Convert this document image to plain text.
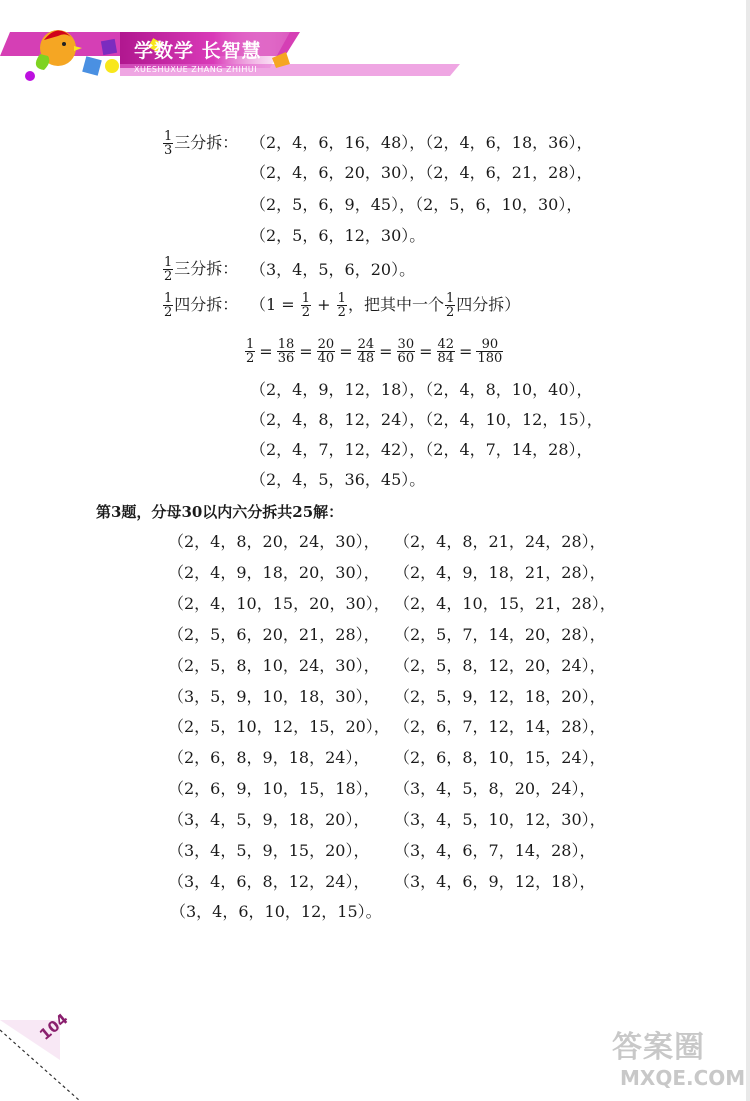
学数学 长智慧
XUESHUXUE ZHANG ZHIHUI
$\frac{1}{3}$ 三分拆： （2，4，6，16，48），（2，4，6，18，36），
（2，4，6，20，30），（2，4，6，21，28），
（2，5，6，9，45），（2，5，6，10，30），
（2，5，6，12，30）。
$\frac{1}{2}$ 三分拆： （3，4，5，6，20）。
$\frac{1}{2}$ 四分拆： （$1 = \frac{1}{2} + \frac{1}{2}$ ，把其中一个 $\frac{1}{2}$ 四分拆）
$\frac{1}{2} = \frac{18}{36} = \frac{20}{40} = \frac{24}{48} = \frac{30}{60} = \frac{42}{84} = \frac{90}{180}$
（2，4，9，12，18），（2，4，8，10，40），
（2，4，8，12，24），（2，4，10，12，15），
（2，4，7，12，42），（2，4，7，14，28），
（2，4，5，36，45）。
第3题，分母30以内六分拆共25解：
（2，4，8，20，24，30）， （2，4，8，21，24，28），
（2，4，9，18，20，30）， （2，4，9，18，21，28），
（2，4，10，15，20，30）， （2，4，10，15，21，28），
（2，5，6，20，21，28）， （2，5，7，14，20，28），
（2，5，8，10，24，30）， （2，5，8，12，20，24），
（3，5，9，10，18，30）， （2，5，9，12，18，20），
（2，5，10，12，15，20）， （2，6，7，12，14，28），
（2，6，8，9，18，24）， （2，6，8，10，15，24），
（2，6，9，10，15，18）， （3，4，5，8，20，24），
（3，4，5，9，18，20）， （3，4，5，10，12，30），
（3，4，5，9，15，20）， （3，4，6，7，14，28），
（3，4，6，8，12，24）， （3，4，6，9，12，18），
（3，4，6，10，12，15）。
104
答案圈
MXQE.COM
